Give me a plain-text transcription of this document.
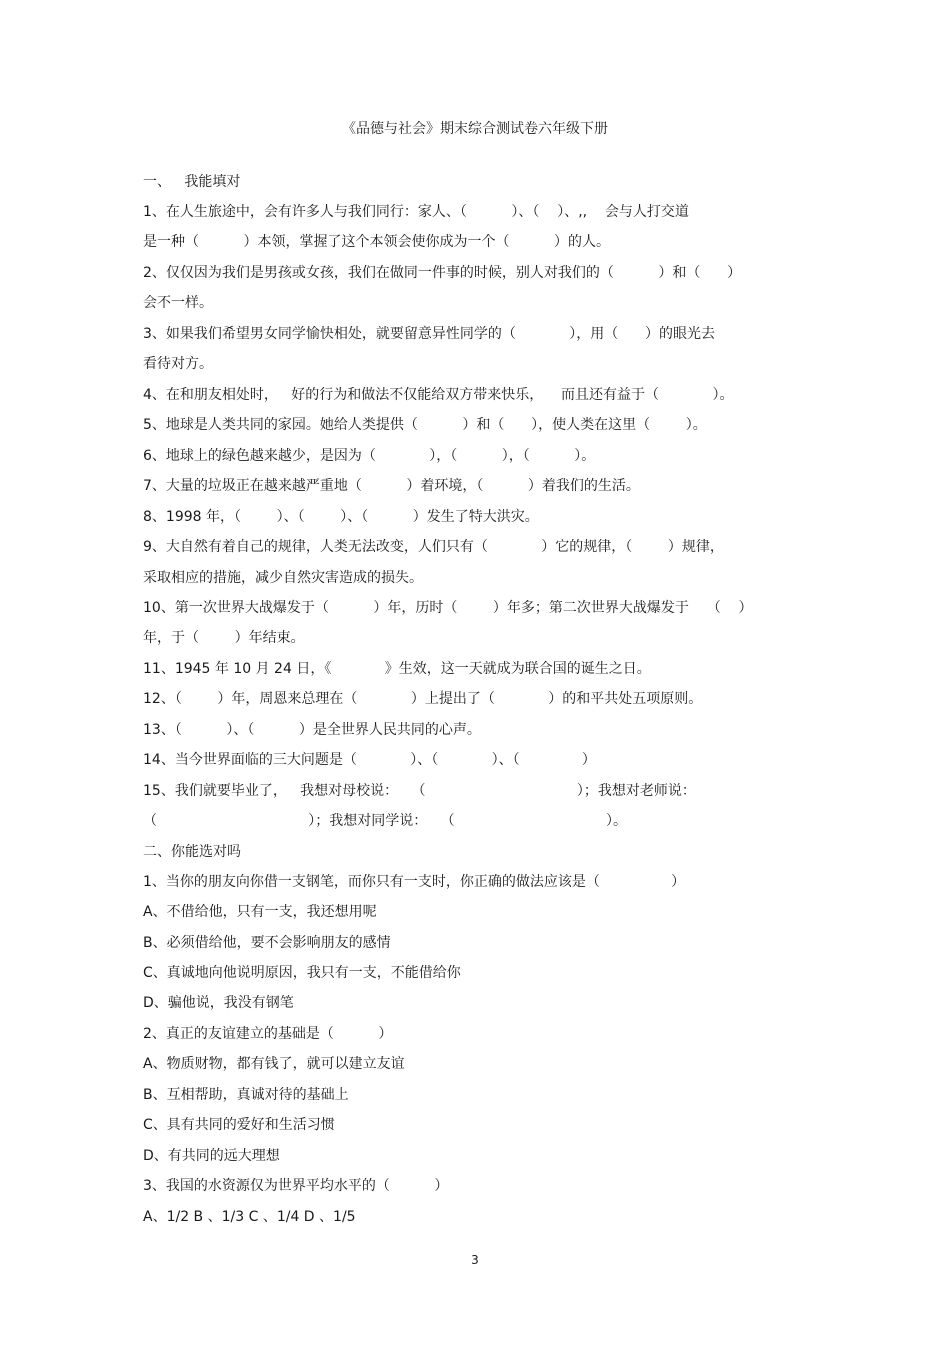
《品德与社会》期末综合测试卷六年级下册
一、   我能填对
1、在人生旅途中，会有许多人与我们同行：家人、（          ）、（    ）、,,    会与人打交道
是一种（          ）本领，掌握了这个本领会使你成为一个（          ）的人。
2、仅仅因为我们是男孩或女孩，我们在做同一件事的时候，别人对我们的（          ）和（      ）
会不一样。
3、如果我们希望男女同学愉快相处，就要留意异性同学的（            ），用（      ）的眼光去
看待对方。
4、在和朋友相处时，   好的行为和做法不仅能给双方带来快乐，    而且还有益于（            ）。
5、地球是人类共同的家园。她给人类提供（          ）和（      ），使人类在这里（        ）。
6、地球上的绿色越来越少，是因为（            ），（          ），（          ）。
7、大量的垃圾正在越来越严重地（          ）着环境，（          ）着我们的生活。
8、1998 年，（        ）、（        ）、（          ）发生了特大洪灾。
9、大自然有着自己的规律，人类无法改变，人们只有（            ）它的规律，（        ）规律，
采取相应的措施，减少自然灾害造成的损失。
10、第一次世界大战爆发于（          ）年，历时（        ）年多；第二次世界大战爆发于    （    ）
年，于（        ）年结束。
11、1945 年 10 月 24 日，《            》生效，这一天就成为联合国的诞生之日。
12、（        ）年，周恩来总理在（            ）上提出了（            ）的和平共处五项原则。
13、（          ）、（          ）是全世界人民共同的心声。
14、当今世界面临的三大问题是（            ）、（            ）、（              ）
15、我们就要毕业了，   我想对母校说：   （                                  ）；我想对老师说：
（                                  ）；我想对同学说：   （                                  ）。
二、你能选对吗
1、当你的朋友向你借一支钢笔，而你只有一支时，你正确的做法应该是（                ）
A、不借给他，只有一支，我还想用呢
B、必须借给他，要不会影响朋友的感情
C、真诚地向他说明原因，我只有一支，不能借给你
D、骗他说，我没有钢笔
2、真正的友谊建立的基础是（          ）
A、物质财物，都有钱了，就可以建立友谊
B、互相帮助，真诚对待的基础上
C、具有共同的爱好和生活习惯
D、有共同的远大理想
3、我国的水资源仅为世界平均水平的（          ）
A、1/2 B 、1/3 C 、1/4 D 、1/5
3
